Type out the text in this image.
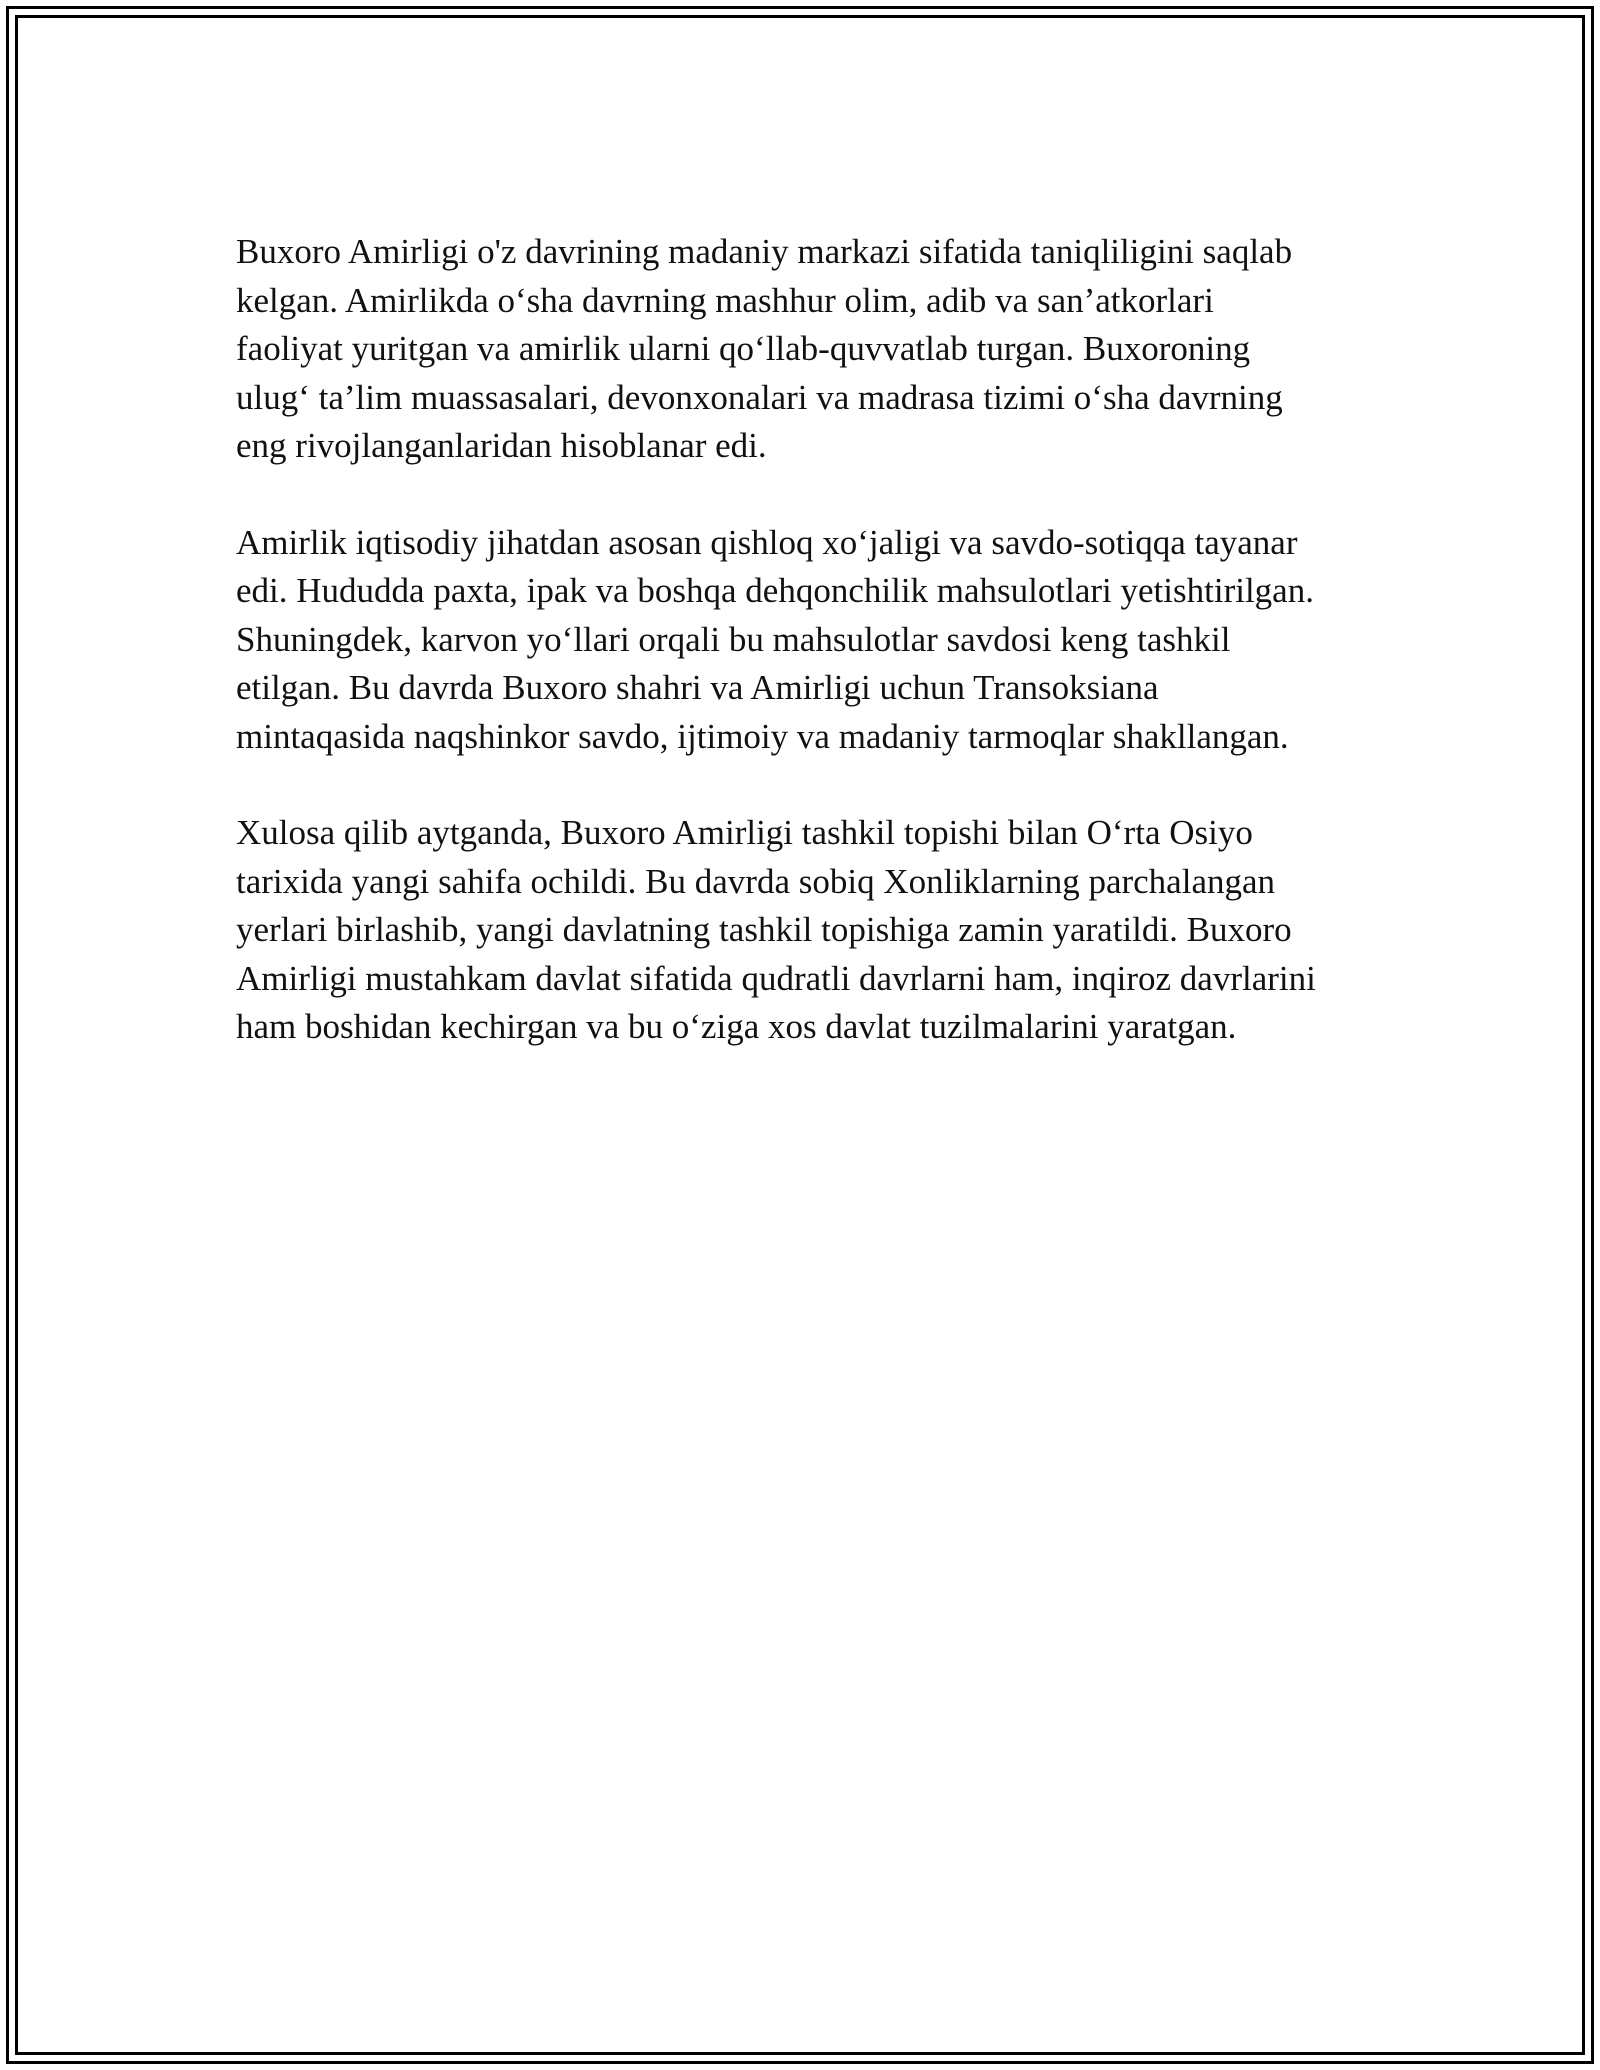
Buxoro Amirligi o'z davrining madaniy markazi sifatida taniqliligini saqlab
kelgan. Amirlikda o‘sha davrning mashhur olim, adib va san’atkorlari
faoliyat yuritgan va amirlik ularni qo‘llab-quvvatlab turgan. Buxoroning
ulug‘ ta’lim muassasalari, devonxonalari va madrasa tizimi o‘sha davrning
eng rivojlanganlaridan hisoblanar edi.

Amirlik iqtisodiy jihatdan asosan qishloq xo‘jaligi va savdo-sotiqqa tayanar
edi. Hududda paxta, ipak va boshqa dehqonchilik mahsulotlari yetishtirilgan.
Shuningdek, karvon yo‘llari orqali bu mahsulotlar savdosi keng tashkil
etilgan. Bu davrda Buxoro shahri va Amirligi uchun Transoksiana
mintaqasida naqshinkor savdo, ijtimoiy va madaniy tarmoqlar shakllangan.

Xulosa qilib aytganda, Buxoro Amirligi tashkil topishi bilan O‘rta Osiyo
tarixida yangi sahifa ochildi. Bu davrda sobiq Xonliklarning parchalangan
yerlari birlashib, yangi davlatning tashkil topishiga zamin yaratildi. Buxoro
Amirligi mustahkam davlat sifatida qudratli davrlarni ham, inqiroz davrlarini
ham boshidan kechirgan va bu o‘ziga xos davlat tuzilmalarini yaratgan.
